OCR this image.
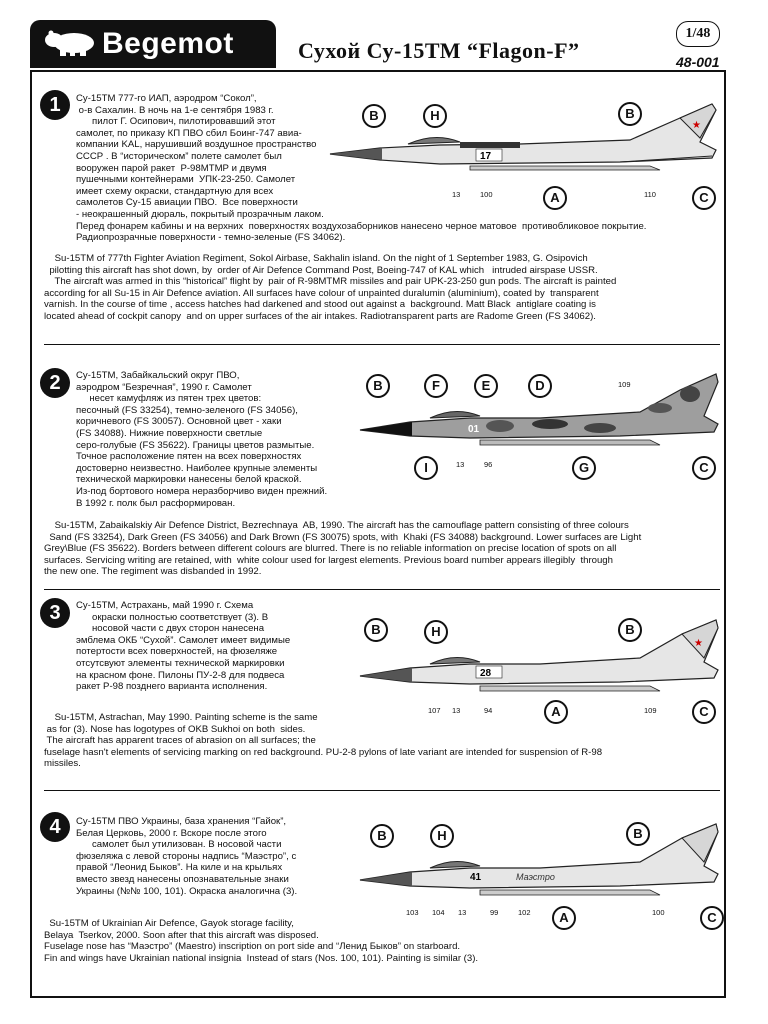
Begemot	Сухой Су-15ТМ “Flagon-F”
1/48
48-001
1	Су-15ТМ 777-го ИАП, аэродром “Сокол”,
о-в Сахалин. В ночь на 1-е сентября 1983 г.
пилот Г. Осипович, пилотировавший этот
самолет, по приказу КП ПВО сбил Боинг-747 авиа-
компании KAL, нарушивший воздушное пространство
СССР . В “историческом” полете самолет был
вооружен парой ракет  Р-98МТМР и двумя
пушечными контейнерами  УПК-23-250. Самолет
имеет схему окраски, стандартную для всех
самолетов Су-15 авиации ПВО.  Все поверхности
- неокрашенный дюраль, покрытый прозрачным лаком.
Перед фонарем кабины и на верхних  поверхностях воздухозаборников нанесено черное матовое  противобликовое покрытие.
Радиопрозрачные поверхности - темно-зеленые (FS 34062).
Su-15TM of 777th Fighter Aviation Regiment, Sokol Airbase, Sakhalin island. On the night of 1 September 1983, G. Osipovich
pilotting this aircraft has shot down, by  order of Air Defence Command Post, Boeing-747 of KAL which   intruded airspase USSR.
The aircraft was armed in this “historical” flight by  pair of R-98MTMR missiles and pair UPK-23-250 gun pods. The aircraft is painted
according for all Su-15 in Air Defence aviation. All surfaces have colour of unpainted duralumin (aluminium), coated by  transparent
varnish. In the course of time , access hatches had darkened and stood out against a  background. Matt Black  antiglare coating is
located ahead of cockpit canopy  and on upper surfaces of the air intakes. Radiotransparent parts are Radome Green (FS 34062).
★
17
B	H	B
A	C
13	100	110
2	Су-15ТМ, Забайкальский округ ПВО,
аэродром “Безречная”, 1990 г. Самолет
несет камуфляж из пятен трех цветов:
песочный (FS 33254), темно-зеленого (FS 34056),
коричневого (FS 30057). Основной цвет - хаки
(FS 34088). Нижние поверхности светлые
серо-голубые (FS 35622). Границы цветов размытые.
Точное расположение пятен на всех поверхностях
достоверно неизвестно. Наиболее крупные элементы
технической маркировки нанесены белой краской.
Из-под бортового номера неразборчиво виден прежний.
В 1992 г. полк был расформирован.
Su-15TM, Zabaikalskiy Air Defence District, Bezrechnaya  AB, 1990. The aircraft has the camouflage pattern consisting of three colours
Sand (FS 33254), Dark Green (FS 34056) and Dark Brown (FS 30075) spots, with  Khaki (FS 34088) background. Lower surfaces are Light
Grey\Blue (FS 35622). Borders between different colours are blurred. There is no reliable information on precise location of spots on all
surfaces. Servicing writing are retained, with  white colour used for largest elements. Previous board number appears illegibly  through
the new one. The regiment was disbanded in 1992.
01
B	F	E	D
I	G	C
109
13	96
3	Су-15ТМ, Астрахань, май 1990 г. Схема
окраски полностью соответствует (3). В
носовой части с двух сторон нанесена
эмблема ОКБ “Сухой”. Самолет имеет видимые
потертости всех поверхностей, на фюзеляже
отсутсвуют элементы технической маркировки
на красном фоне. Пилоны ПУ-2-8 для подвеса
ракет Р-98 позднего варианта исполнения.
Su-15TM, Astrachan, May 1990. Painting scheme is the same
as for (3). Nose has logotypes of OKB Sukhoi on both  sides.
The aircraft has apparent traces of abrasion on all surfaces; the
fuselage hasn't elements of servicing marking on red background. PU-2-8 pylons of late variant are intended for suspension of R-98
missiles.
★
28
B	H	B
A	C
107 13	94	109
4	Су-15ТМ ПВО Украины, база хранения “Гайок”,
Белая Церковь, 2000 г. Вскоре после этого
самолет был утилизован. В носовой части
фюзеляжа с левой стороны надпись “Маэстро”, с
правой “Леонид Быков”. На киле и на крыльях
вместо звезд нанесены опознавательные знаки
Украины (№№ 100, 101). Окраска аналогична (3).
Su-15TM of Ukrainian Air Defence, Gayok storage facility,
Belaya  Tserkov, 2000. Soon after that this aircraft was disposed.
Fuselage nose has “Маэстро” (Maestro) inscription on port side and “Ленид Быков” on starboard.
Fin and wings have Ukrainian national insignia  Instead of stars (Nos. 100, 101). Painting is similar (3).
41	Маэстро
B	H	B
A	C
103 104 13	99	102	100
